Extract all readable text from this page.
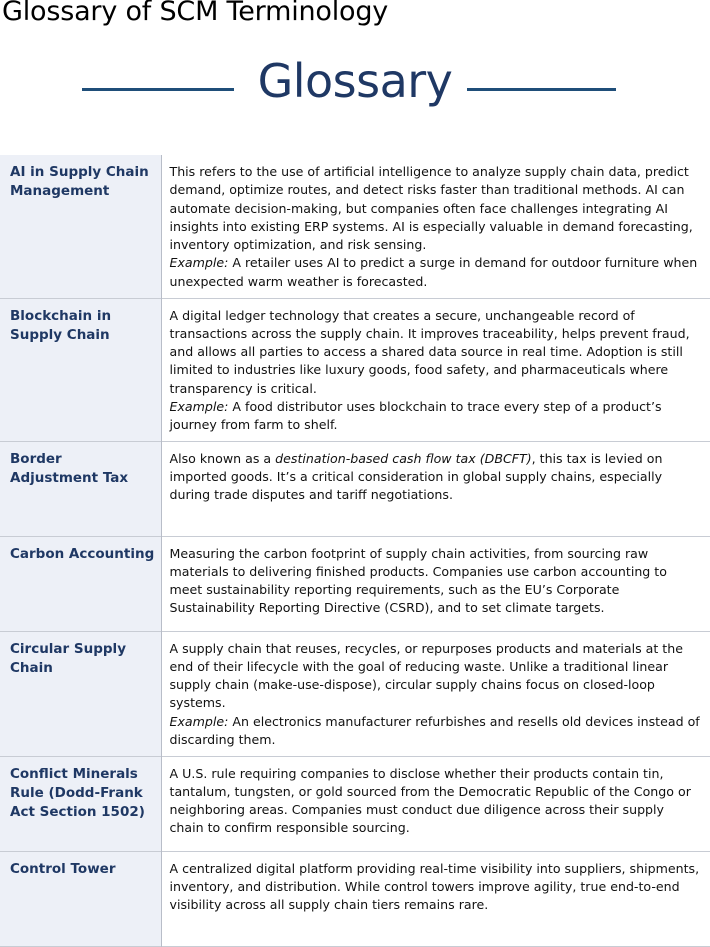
Glossary of SCM Terminology
Glossary
AI in Supply Chain Management	This refers to the use of artificial intelligence to analyze supply chain data, predict demand, optimize routes, and detect risks faster than traditional methods. AI can automate decision-making, but companies often face challenges integrating AI insights into existing ERP systems. AI is especially valuable in demand forecasting, inventory optimization, and risk sensing.
Example: A retailer uses AI to predict a surge in demand for outdoor furniture when unexpected warm weather is forecasted.
Blockchain in Supply Chain	A digital ledger technology that creates a secure, unchangeable record of transactions across the supply chain. It improves traceability, helps prevent fraud, and allows all parties to access a shared data source in real time. Adoption is still limited to industries like luxury goods, food safety, and pharmaceuticals where transparency is critical.
Example: A food distributor uses blockchain to trace every step of a product’s journey from farm to shelf.
Border Adjustment Tax	Also known as a destination-based cash flow tax (DBCFT), this tax is levied on imported goods. It’s a critical consideration in global supply chains, especially during trade disputes and tariff negotiations.
Carbon Accounting	Measuring the carbon footprint of supply chain activities, from sourcing raw materials to delivering finished products. Companies use carbon accounting to meet sustainability reporting requirements, such as the EU’s Corporate Sustainability Reporting Directive (CSRD), and to set climate targets.
Circular Supply Chain	A supply chain that reuses, recycles, or repurposes products and materials at the end of their lifecycle with the goal of reducing waste. Unlike a traditional linear supply chain (make-use-dispose), circular supply chains focus on closed-loop systems.
Example: An electronics manufacturer refurbishes and resells old devices instead of discarding them.
Conflict Minerals Rule (Dodd-Frank Act Section 1502)	A U.S. rule requiring companies to disclose whether their products contain tin, tantalum, tungsten, or gold sourced from the Democratic Republic of the Congo or neighboring areas. Companies must conduct due diligence across their supply chain to confirm responsible sourcing.
Control Tower	A centralized digital platform providing real-time visibility into suppliers, shipments, inventory, and distribution. While control towers improve agility, true end-to-end visibility across all supply chain tiers remains rare.
